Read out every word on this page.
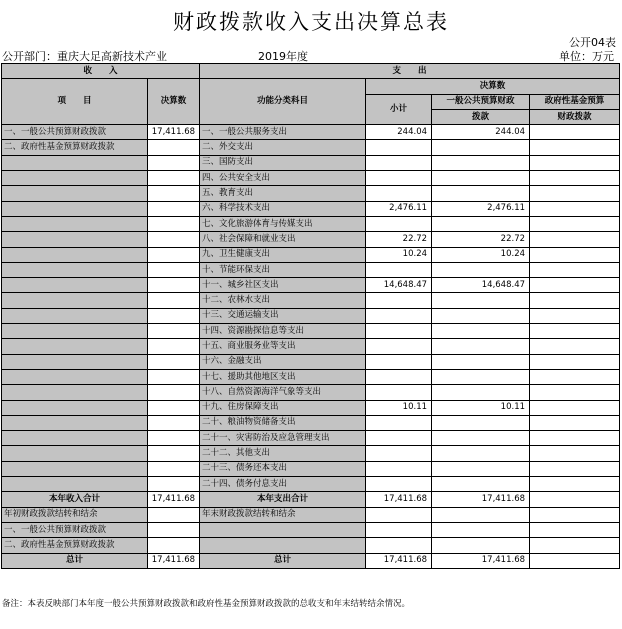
财政拨款收入支出决算总表
公开04表
公开部门：重庆大足高新技术产业	2019年度	单位：万元
收　　入		支　　出			
项　　目	决算数	功能分类科目	决算数		
			小计	一般公共预算财政	政府性基金预算
				拨款	财政拨款
一、一般公共预算财政拨款	17,411.68	一、一般公共服务支出	244.04	244.04	
二、政府性基金预算财政拨款		二、外交支出			
		三、国防支出			
		四、公共安全支出			
		五、教育支出			
		六、科学技术支出	2,476.11	2,476.11	
		七、文化旅游体育与传媒支出			
		八、社会保障和就业支出	22.72	22.72	
		九、卫生健康支出	10.24	10.24	
		十、节能环保支出			
		十一、城乡社区支出	14,648.47	14,648.47	
		十二、农林水支出			
		十三、交通运输支出			
		十四、资源勘探信息等支出			
		十五、商业服务业等支出			
		十六、金融支出			
		十七、援助其他地区支出			
		十八、自然资源海洋气象等支出			
		十九、住房保障支出	10.11	10.11	
		二十、粮油物资储备支出			
		二十一、灾害防治及应急管理支出			
		二十二、其他支出			
		二十三、债务还本支出			
		二十四、债务付息支出			
本年收入合计	17,411.68	本年支出合计	17,411.68	17,411.68	
年初财政拨款结转和结余		年末财政拨款结转和结余			
一、一般公共预算财政拨款					
二、政府性基金预算财政拨款					
总计	17,411.68	总计	17,411.68	17,411.68	
备注：本表反映部门本年度一般公共预算财政拨款和政府性基金预算财政拨款的总收支和年末结转结余情况。
